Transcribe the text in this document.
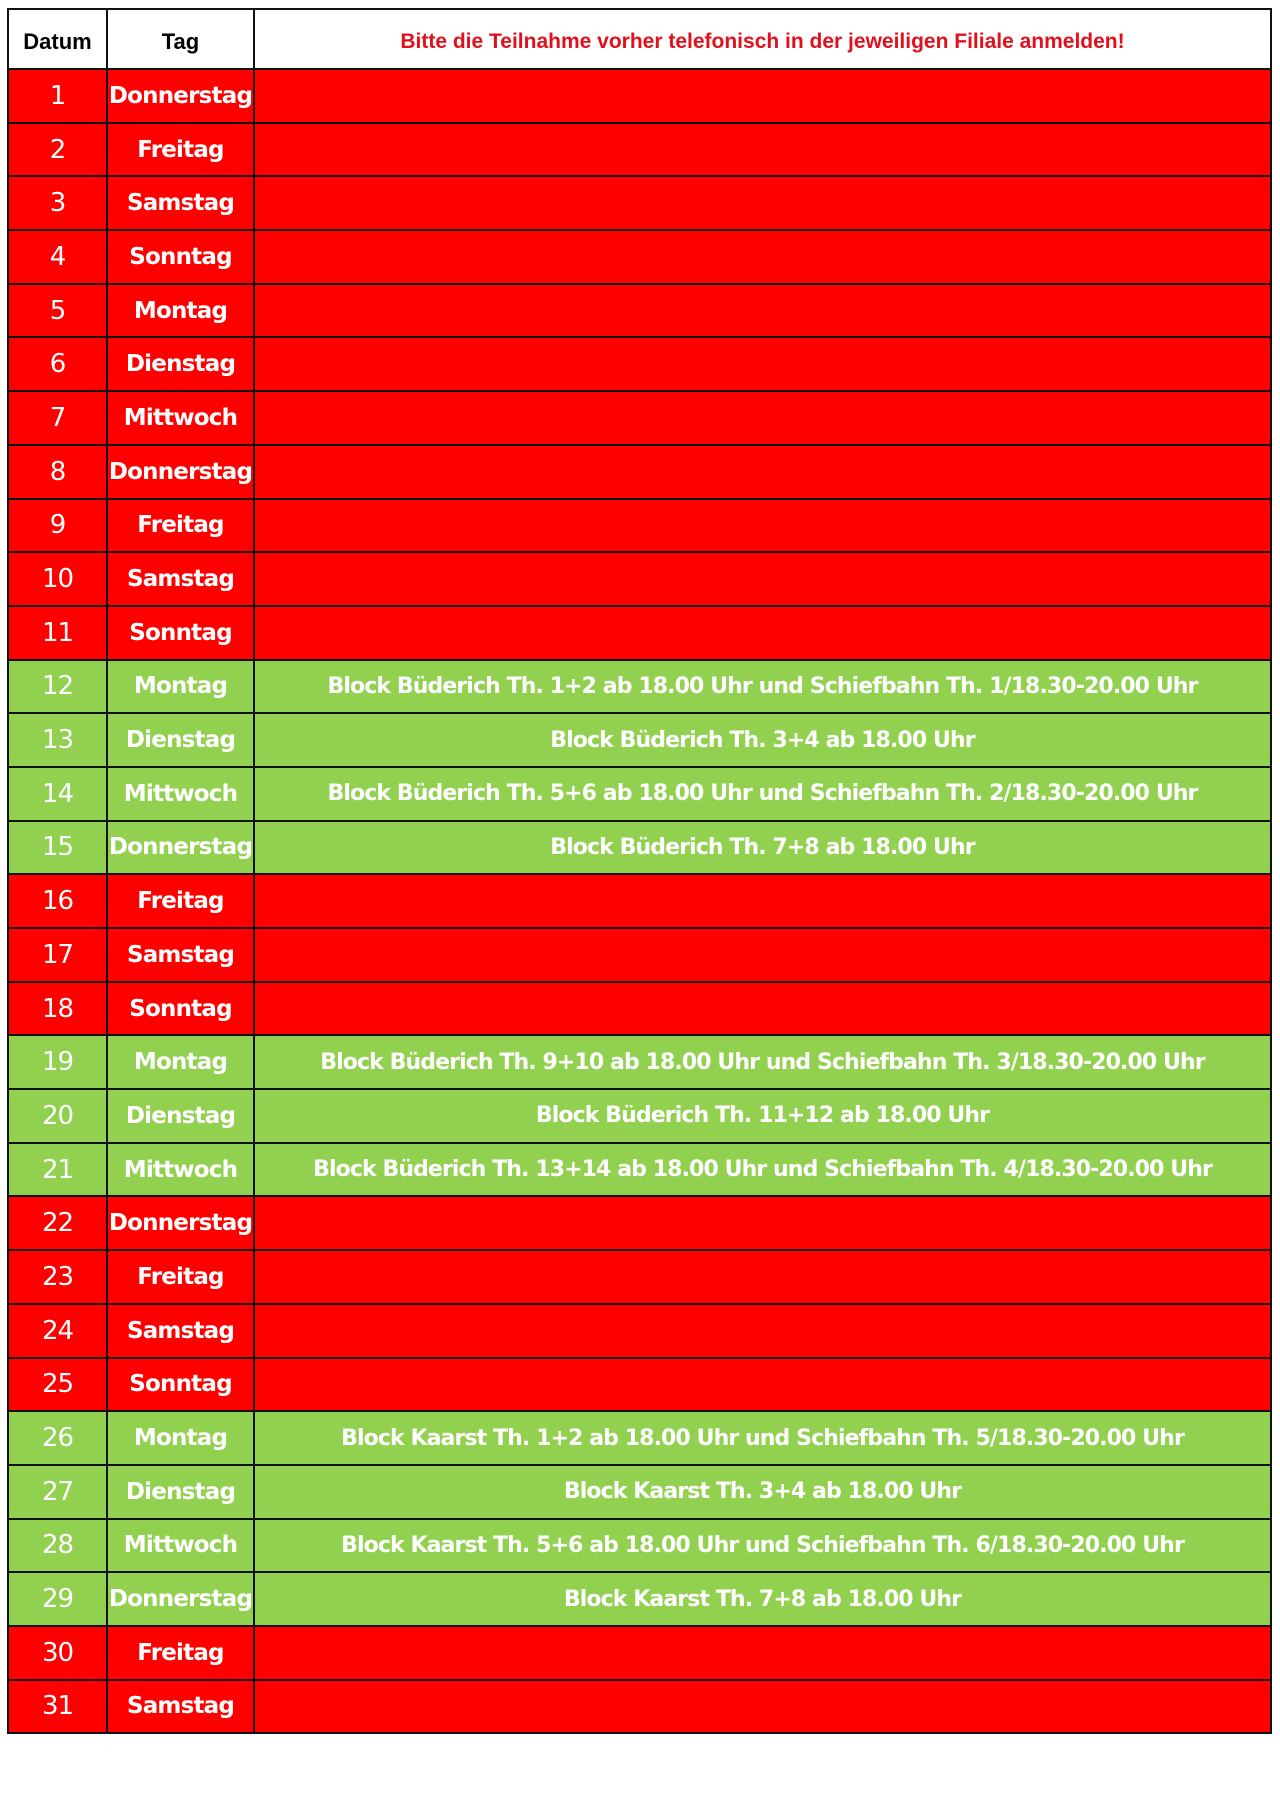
Datum	Tag	Bitte die Teilnahme vorher telefonisch in der jeweiligen Filiale anmelden!
1	Donnerstag	
2	Freitag	
3	Samstag	
4	Sonntag	
5	Montag	
6	Dienstag	
7	Mittwoch	
8	Donnerstag	
9	Freitag	
10	Samstag	
11	Sonntag	
12	Montag	Block Büderich Th. 1+2 ab 18.00 Uhr und Schiefbahn Th. 1/18.30-20.00 Uhr
13	Dienstag	Block Büderich Th. 3+4 ab 18.00 Uhr
14	Mittwoch	Block Büderich Th. 5+6 ab 18.00 Uhr und Schiefbahn Th. 2/18.30-20.00 Uhr
15	Donnerstag	Block Büderich Th. 7+8 ab 18.00 Uhr
16	Freitag	
17	Samstag	
18	Sonntag	
19	Montag	Block Büderich Th. 9+10 ab 18.00 Uhr und Schiefbahn Th. 3/18.30-20.00 Uhr
20	Dienstag	Block Büderich Th. 11+12 ab 18.00 Uhr
21	Mittwoch	Block Büderich Th. 13+14 ab 18.00 Uhr und Schiefbahn Th. 4/18.30-20.00 Uhr
22	Donnerstag	
23	Freitag	
24	Samstag	
25	Sonntag	
26	Montag	Block Kaarst Th. 1+2 ab 18.00 Uhr und Schiefbahn Th. 5/18.30-20.00 Uhr
27	Dienstag	Block Kaarst Th. 3+4 ab 18.00 Uhr
28	Mittwoch	Block Kaarst Th. 5+6 ab 18.00 Uhr und Schiefbahn Th. 6/18.30-20.00 Uhr
29	Donnerstag	Block Kaarst Th. 7+8 ab 18.00 Uhr
30	Freitag	
31	Samstag	
